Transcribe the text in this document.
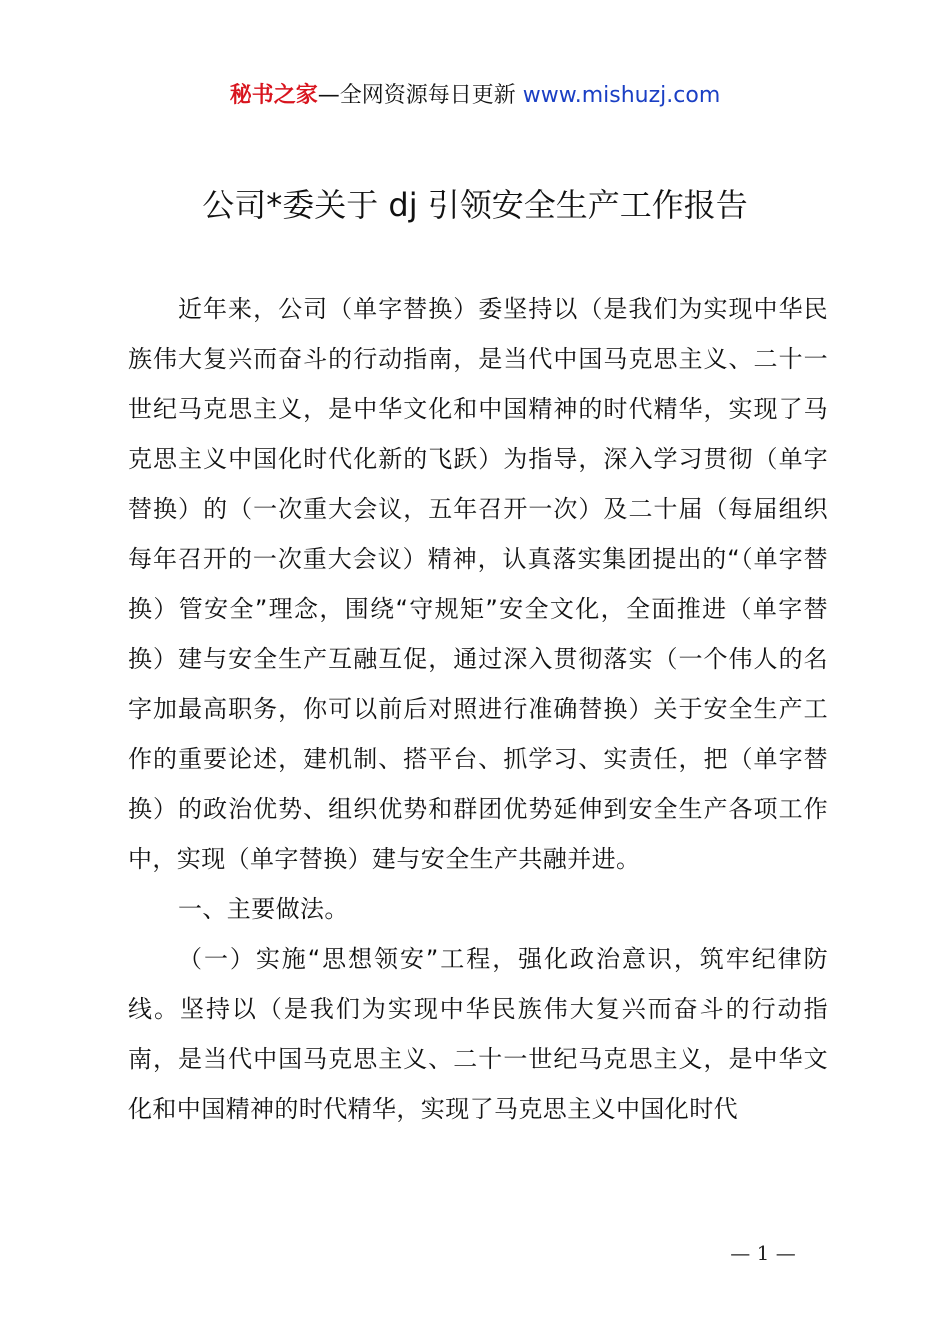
秘书之家—全网资源每日更新 www.mishuzj.com
公司*委关于 dj 引领安全生产工作报告

近年来，公司（单字替换）委坚持以（是我们为实现中华民族伟大复兴而奋斗的行动指南，是当代中国马克思主义、二十一世纪马克思主义，是中华文化和中国精神的时代精华，实现了马克思主义中国化时代化新的飞跃）为指导，深入学习贯彻（单字替换）的（一次重大会议，五年召开一次）及二十届（每届组织每年召开的一次重大会议）精神，认真落实集团提出的“（单字替换）管安全”理念，围绕“守规矩”安全文化，全面推进（单字替换）建与安全生产互融互促，通过深入贯彻落实（一个伟人的名字加最高职务，你可以前后对照进行准确替换）关于安全生产工作的重要论述，建机制、搭平台、抓学习、实责任，把（单字替换）的政治优势、组织优势和群团优势延伸到安全生产各项工作中，实现（单字替换）建与安全生产共融并进。

一、主要做法。

（一）实施“思想领安”工程，强化政治意识，筑牢纪律防线。坚持以（是我们为实现中华民族伟大复兴而奋斗的行动指南，是当代中国马克思主义、二十一世纪马克思主义，是中华文化和中国精神的时代精华，实现了马克思主义中国化时代

— 1 —
